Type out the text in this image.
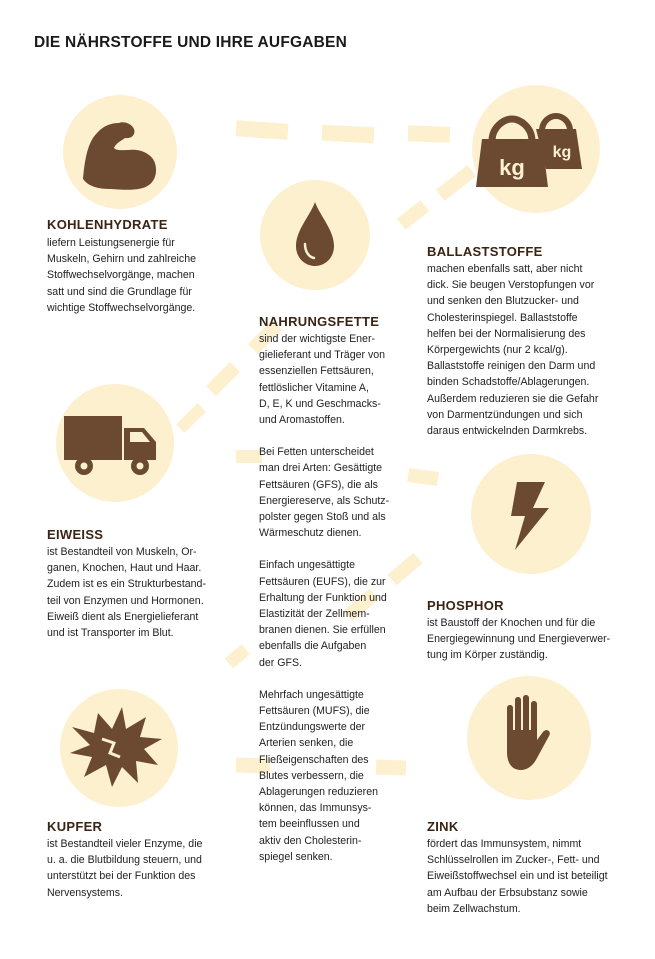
DIE NÄHRSTOFFE UND IHRE AUFGABEN
kg
kg
KOHLENHYDRATE
liefern Leistungsenergie für
Muskeln, Gehirn und zahlreiche
Stoffwechselvorgänge, machen
satt und sind die Grundlage für
wichtige Stoffwechselvorgänge.
NAHRUNGSFETTE
sind der wichtigste Ener-
gielieferant und Träger von
essenziellen Fettsäuren,
fettlöslicher Vitamine A,
D, E, K und Geschmacks-
und Aromastoffen.
Bei Fetten unterscheidet
man drei Arten: Gesättigte
Fettsäuren (GFS), die als
Energiereserve, als Schutz-
polster gegen Stoß und als
Wärmeschutz dienen.
Einfach ungesättigte
Fettsäuren (EUFS), die zur
Erhaltung der Funktion und
Elastizität der Zellmem-
branen dienen. Sie erfüllen
ebenfalls die Aufgaben
der GFS.
Mehrfach ungesättigte
Fettsäuren (MUFS), die
Entzündungswerte der
Arterien senken, die
Fließeigenschaften des
Blutes verbessern, die
Ablagerungen reduzieren
können, das Immunsys-
tem beeinflussen und
aktiv den Cholesterin-
spiegel senken.
BALLASTSTOFFE
machen ebenfalls satt, aber nicht
dick. Sie beugen Verstopfungen vor
und senken den Blutzucker- und
Cholesterinspiegel. Ballaststoffe
helfen bei der Normalisierung des
Körpergewichts (nur 2 kcal/g).
Ballaststoffe reinigen den Darm und
binden Schadstoffe/Ablagerungen.
Außerdem reduzieren sie die Gefahr
von Darmentzündungen und sich
daraus entwickelnden Darmkrebs.
EIWEISS
ist Bestandteil von Muskeln, Or-
ganen, Knochen, Haut und Haar.
Zudem ist es ein Strukturbestand-
teil von Enzymen und Hormonen.
Eiweiß dient als Energielieferant
und ist Transporter im Blut.
PHOSPHOR
ist Baustoff der Knochen und für die
Energiegewinnung und Energieverwer-
tung im Körper zuständig.
KUPFER
ist Bestandteil vieler Enzyme, die
u. a. die Blutbildung steuern, und
unterstützt bei der Funktion des
Nervensystems.
ZINK
fördert das Immunsystem, nimmt
Schlüsselrollen im Zucker-, Fett- und
Eiweißstoffwechsel ein und ist beteiligt
am Aufbau der Erbsubstanz sowie
beim Zellwachstum.
